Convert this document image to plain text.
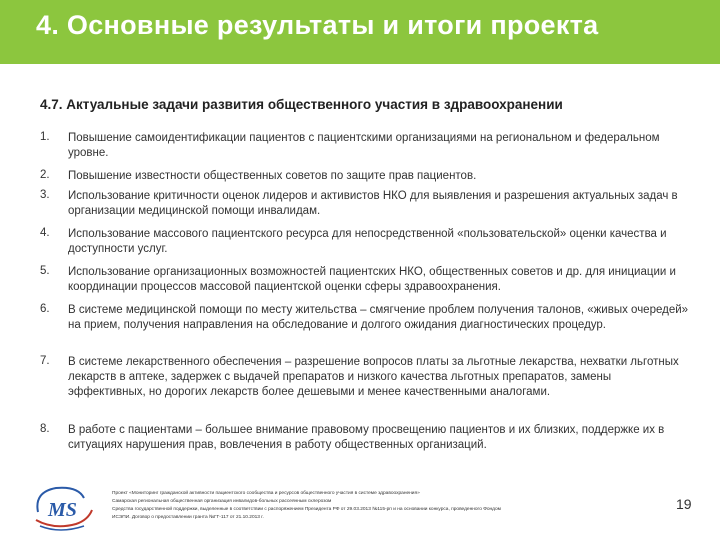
4. Основные результаты и итоги проекта
4.7. Актуальные задачи развития общественного участия в здравоохранении
1. Повышение самоидентификации пациентов с пациентскими организациями на региональном и федеральном уровне.
2. Повышение известности общественных советов по защите прав пациентов.
3. Использование критичности оценок лидеров и активистов НКО для выявления и разрешения актуальных задач в организации медицинской помощи инвалидам.
4. Использование массового пациентского ресурса для непосредственной «пользовательской» оценки качества и доступности услуг.
5. Использование организационных возможностей пациентских НКО, общественных советов и др. для инициации и координации процессов массовой пациентской оценки сферы здравоохранения.
6. В системе медицинской помощи по месту жительства – смягчение проблем получения талонов, «живых очередей» на прием, получения направления на обследование и долгого ожидания диагностических процедур.
7. В системе лекарственного обеспечения – разрешение вопросов платы за льготные лекарства, нехватки льготных лекарств в аптеке, задержек с выдачей препаратов и низкого качества льготных препаратов, замены эффективных, но дорогих лекарств более дешевыми и менее качественными аналогами.
8. В работе с пациентами – большее внимание правовому просвещению пациентов и их близких, поддержке их в ситуациях нарушения прав, вовлечения в работу общественных организаций.
MS
Проект «Мониторинг гражданской активности пациентского сообщества и ресурсов общественного участия в системе здравоохранения»
Самарская региональная общественная организация инвалидов-больных рассеянным склерозом
Средства государственной поддержки, выделенные в соответствии с распоряжением Президента РФ от 29.03.2013 №115-рп и на основании конкурса, проведенного Фондом
ИСЭПИ. Договор о предоставлении гранта №ГГ-117 от 21.10.2013 г.
19
